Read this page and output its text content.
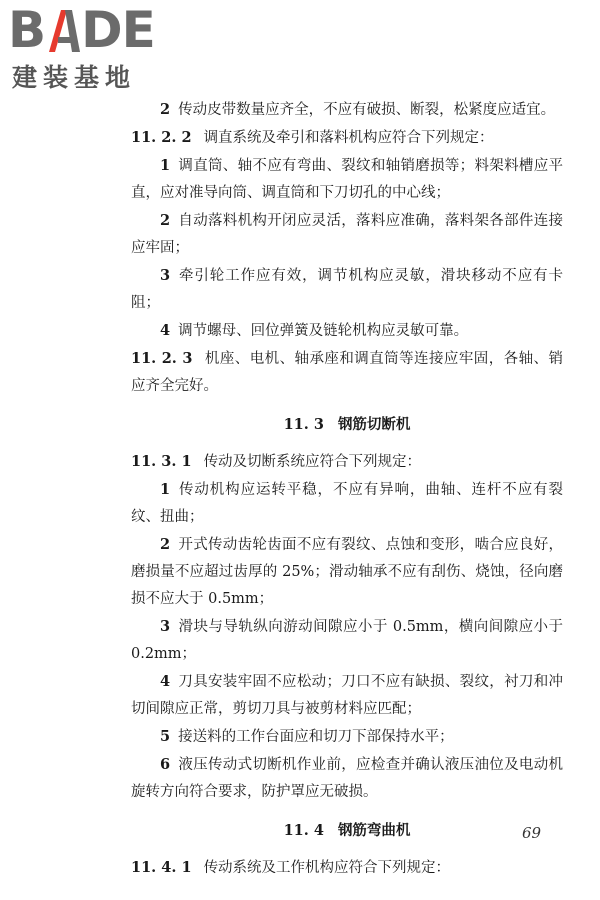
B D E
建装基地

2 传动皮带数量应齐全，不应有破损、断裂，松紧度应适宜。

11. 2. 2 调直系统及牵引和落料机构应符合下列规定：

1 调直筒、轴不应有弯曲、裂纹和轴销磨损等；料架料槽应平直，应对准导向筒、调直筒和下刀切孔的中心线；

2 自动落料机构开闭应灵活，落料应准确，落料架各部件连接应牢固；

3 牵引轮工作应有效，调节机构应灵敏，滑块移动不应有卡阻；

4 调节螺母、回位弹簧及链轮机构应灵敏可靠。

11. 2. 3 机座、电机、轴承座和调直筒等连接应牢固，各轴、销应齐全完好。

11. 3 钢筋切断机

11. 3. 1 传动及切断系统应符合下列规定：

1 传动机构应运转平稳，不应有异响，曲轴、连杆不应有裂纹、扭曲；

2 开式传动齿轮齿面不应有裂纹、点蚀和变形，啮合应良好，磨损量不应超过齿厚的 25%；滑动轴承不应有刮伤、烧蚀，径向磨损不应大于 0.5mm；

3 滑块与导轨纵向游动间隙应小于 0.5mm，横向间隙应小于 0.2mm；

4 刀具安装牢固不应松动；刀口不应有缺损、裂纹，衬刀和冲切间隙应正常，剪切刀具与被剪材料应匹配；

5 接送料的工作台面应和切刀下部保持水平；

6 液压传动式切断机作业前，应检查并确认液压油位及电动机旋转方向符合要求，防护罩应无破损。

11. 4 钢筋弯曲机

11. 4. 1 传动系统及工作机构应符合下列规定：

69
